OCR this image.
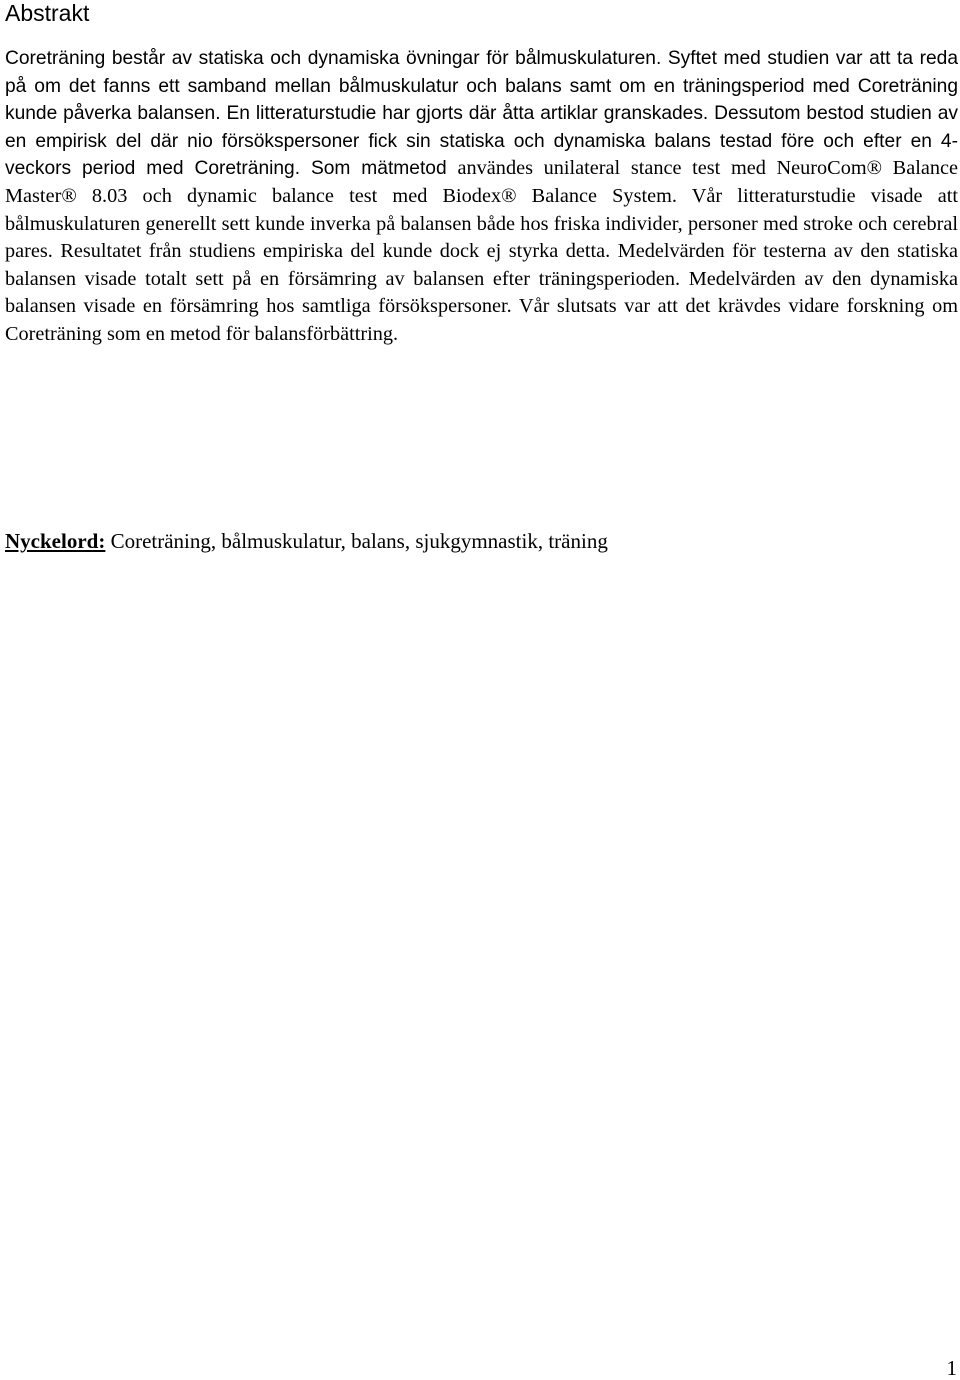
Abstrakt

Coreträning består av statiska och dynamiska övningar för bålmuskulaturen. Syftet med studien var att ta reda på om det fanns ett samband mellan bålmuskulatur och balans samt om en träningsperiod med Coreträning kunde påverka balansen. En litteraturstudie har gjorts där åtta artiklar granskades. Dessutom bestod studien av en empirisk del där nio försökspersoner fick sin statiska och dynamiska balans testad före och efter en 4-veckors period med Coreträning. Som mätmetod användes unilateral stance test med NeuroCom® Balance Master® 8.03 och dynamic balance test med Biodex® Balance System. Vår litteraturstudie visade att bålmuskulaturen generellt sett kunde inverka på balansen både hos friska individer, personer med stroke och cerebral pares. Resultatet från studiens empiriska del kunde dock ej styrka detta. Medelvärden för testerna av den statiska balansen visade totalt sett på en försämring av balansen efter träningsperioden. Medelvärden av den dynamiska balansen visade en försämring hos samtliga försökspersoner. Vår slutsats var att det krävdes vidare forskning om Coreträning som en metod för balansförbättring.

Nyckelord: Coreträning, bålmuskulatur, balans, sjukgymnastik, träning

1
